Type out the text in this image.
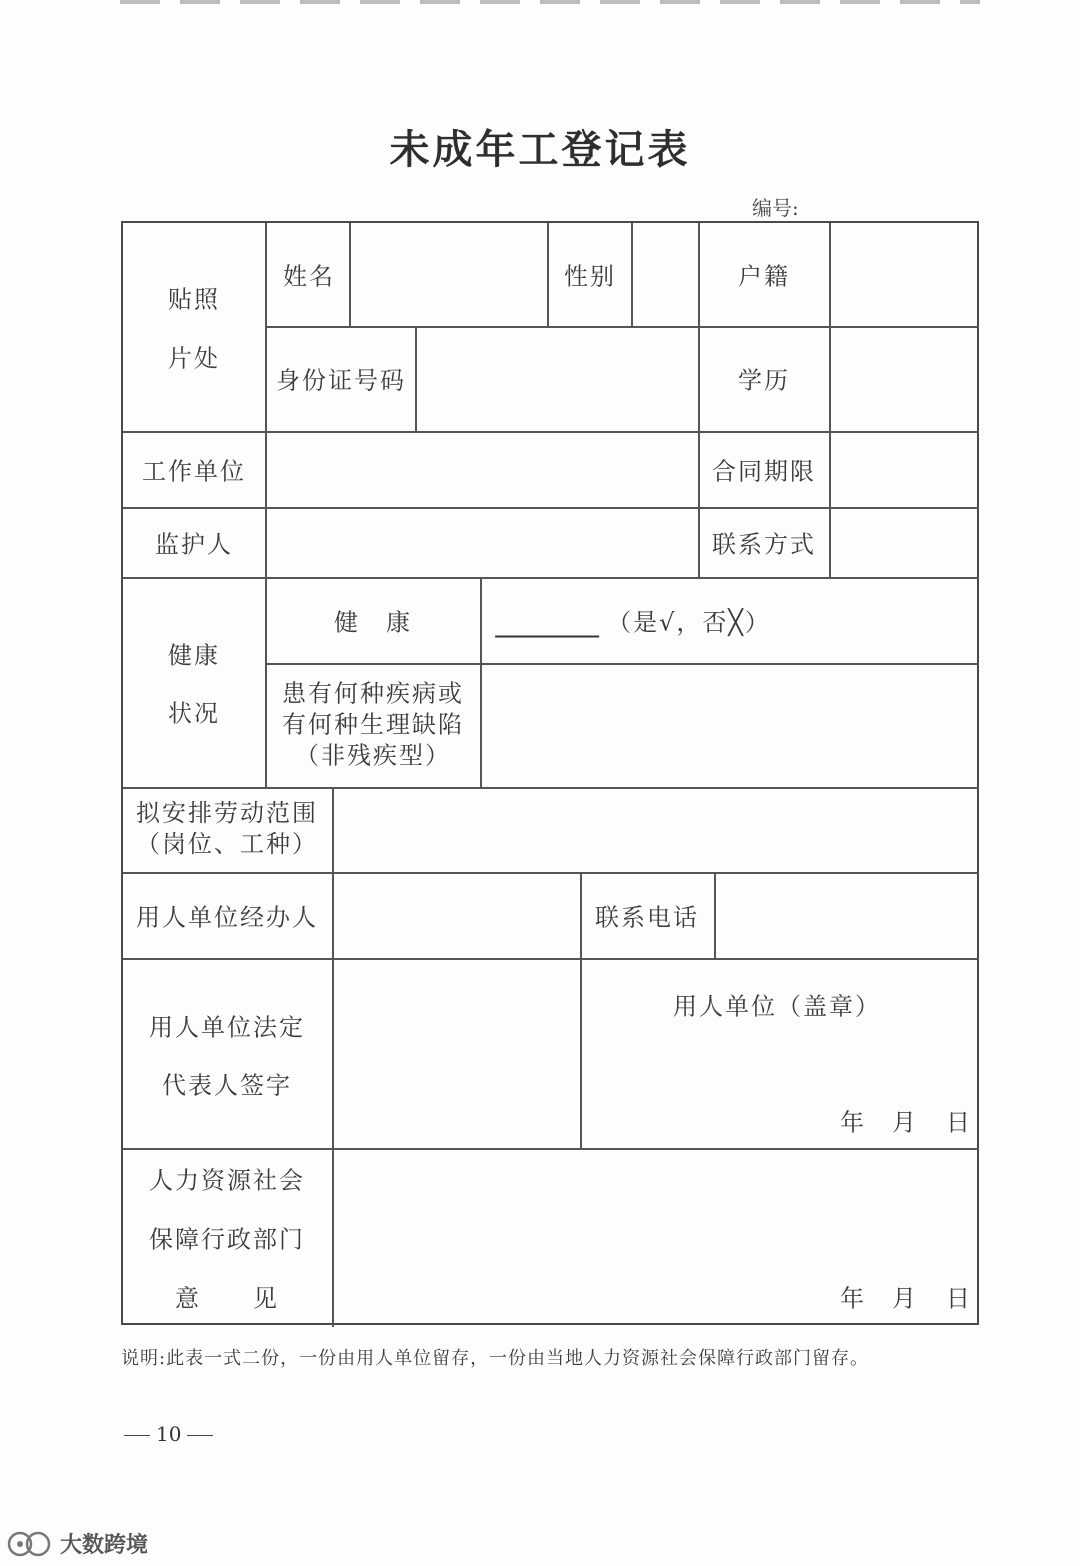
未成年工登记表
编号:
贴照
片处
姓名	性别	户籍
身份证号码	学历
工作单位	合同期限
监护人	联系方式
健康
状况
健　康	（是√，否╳）
患有何种疾病或
有何种生理缺陷
（非残疾型）
拟安排劳动范围
（岗位、工种）
用人单位经办人	联系电话
用人单位法定
代表人签字
用人单位（盖章）
年 月 日
人力资源社会
保障行政部门
意　　见	年 月 日
说明:此表一式二份，一份由用人单位留存，一份由当地人力资源社会保障行政部门留存。
10
大数跨境
